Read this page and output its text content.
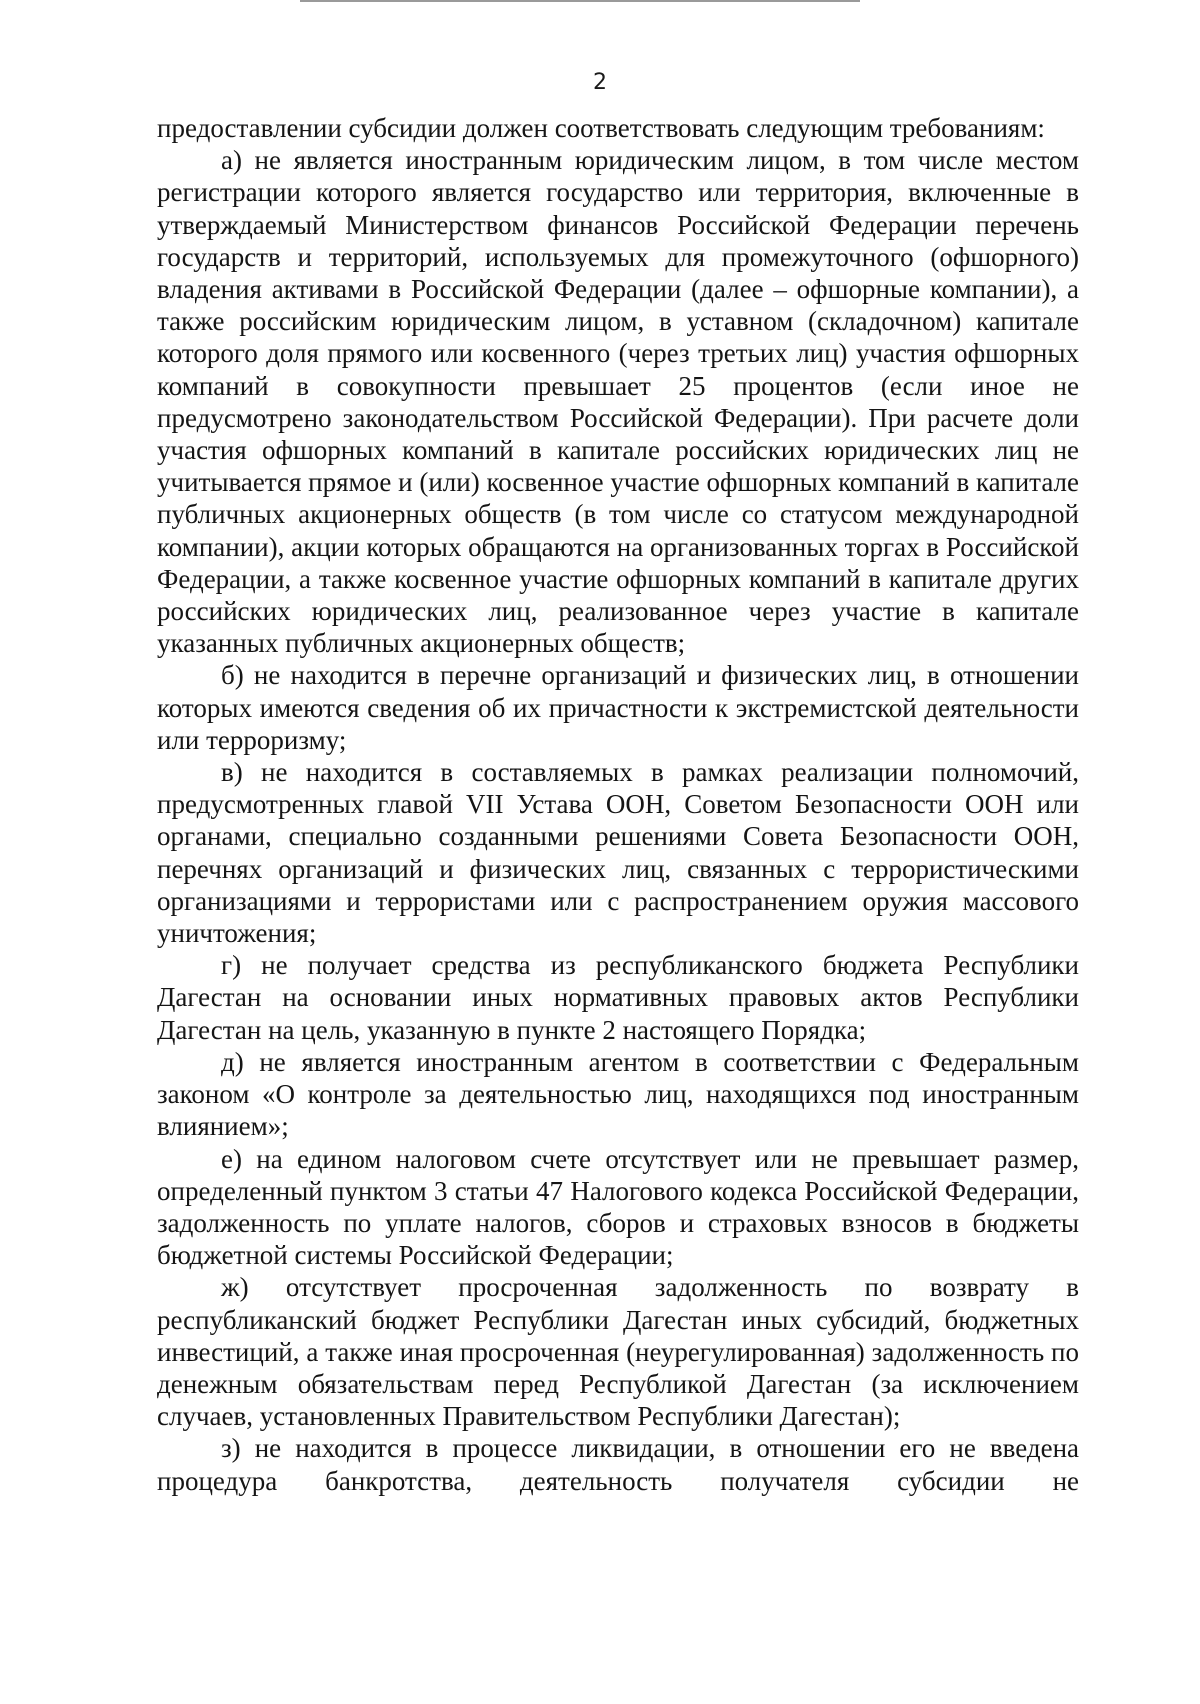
2

предоставлении субсидии должен соответствовать следующим требованиям:

а) не является иностранным юридическим лицом, в том числе местом регистрации которого является государство или территория, включенные в утверждаемый Министерством финансов Российской Федерации перечень государств и территорий, используемых для промежуточного (офшорного) владения активами в Российской Федерации (далее – офшорные компании), а также российским юридическим лицом, в уставном (складочном) капитале которого доля прямого или косвенного (через третьих лиц) участия офшорных компаний в совокупности превышает 25 процентов (если иное не предусмотрено законодательством Российской Федерации). При расчете доли участия офшорных компаний в капитале российских юридических лиц не учитывается прямое и (или) косвенное участие офшорных компаний в капитале публичных акционерных обществ (в том числе со статусом международной компании), акции которых обращаются на организованных торгах в Российской Федерации, а также косвенное участие офшорных компаний в капитале других российских юридических лиц, реализованное через участие в капитале указанных публичных акционерных обществ;

б) не находится в перечне организаций и физических лиц, в отношении которых имеются сведения об их причастности к экстремистской деятельности или терроризму;

в) не находится в составляемых в рамках реализации полномочий, предусмотренных главой VII Устава ООН, Советом Безопасности ООН или органами, специально созданными решениями Совета Безопасности ООН, перечнях организаций и физических лиц, связанных с террористическими организациями и террористами или с распространением оружия массового уничтожения;

г) не получает средства из республиканского бюджета Республики Дагестан на основании иных нормативных правовых актов Республики Дагестан на цель, указанную в пункте 2 настоящего Порядка;

д) не является иностранным агентом в соответствии с Федеральным законом «О контроле за деятельностью лиц, находящихся под иностранным влиянием»;

е) на едином налоговом счете отсутствует или не превышает размер, определенный пунктом 3 статьи 47 Налогового кодекса Российской Федерации, задолженность по уплате налогов, сборов и страховых взносов в бюджеты бюджетной системы Российской Федерации;

ж) отсутствует просроченная задолженность по возврату в республиканский бюджет Республики Дагестан иных субсидий, бюджетных инвестиций, а также иная просроченная (неурегулированная) задолженность по денежным обязательствам перед Республикой Дагестан (за исключением случаев, установленных Правительством Республики Дагестан);

з) не находится в процессе ликвидации, в отношении его не введена процедура банкротства, деятельность получателя субсидии не
